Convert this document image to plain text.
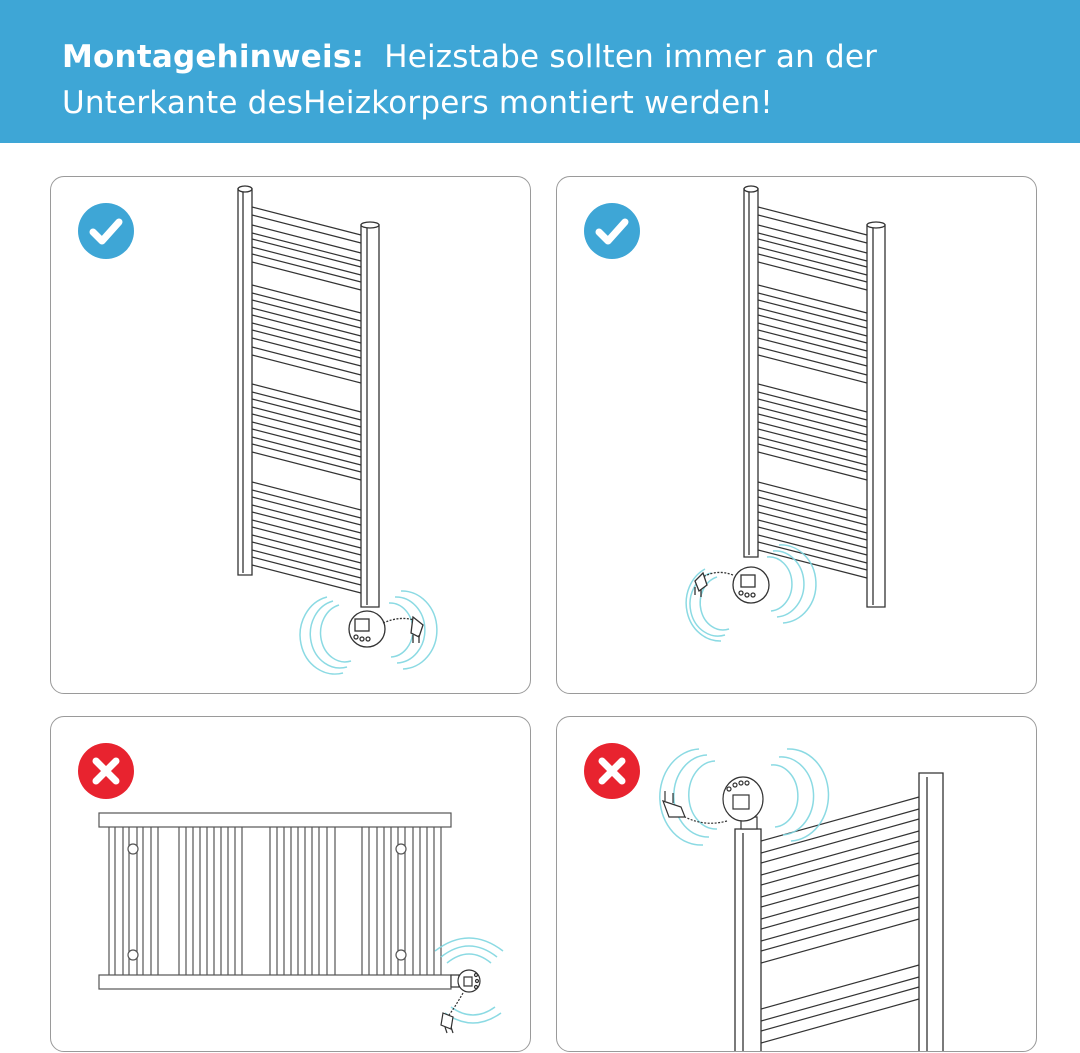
Montagehinweis: Heizstabe sollten immer an der
Unterkante desHeizkorpers montiert werden!
